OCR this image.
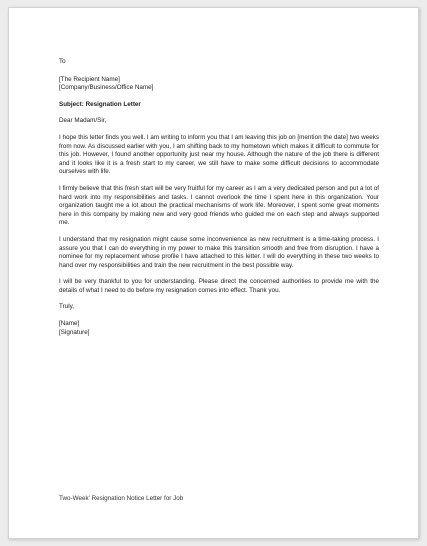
To

[The Recipient Name]

[Company/Business/Office Name]

Subject: Resignation Letter

Dear Madam/Sir,

I hope this letter finds you well. I am writing to inform you that I am leaving this job on [mention the date] two weeks from now. As discussed earlier with you, I am shifting back to my hometown which makes it difficult to commute for this job. However, I found another opportunity just near my house. Although the nature of the job there is different and it looks like it is a fresh start to my career, we still have to make some difficult decisions to accommodate ourselves with life.

I firmly believe that this fresh start will be very fruitful for my career as I am a very dedicated person and put a lot of hard work into my responsibilities and tasks. I cannot overlook the time I spent here in this organization. Your organization taught me a lot about the practical mechanisms of work life. Moreover, I spent some great moments here in this company by making new and very good friends who guided me on each step and always supported me.

I understand that my resignation might cause some inconvenience as new recruitment is a time-taking process. I assure you that I can do everything in my power to make this transition smooth and free from disruption. I have a nominee for my replacement whose profile I have attached to this letter. I will do everything in these two weeks to hand over my responsibilities and train the new recruitment in the best possible way.

I will be very thankful to you for understanding. Please direct the concerned authorities to provide me with the details of what I need to do before my resignation comes into effect. Thank you.

Truly,

[Name]

[Signature]

Two-Week' Resignation Notice Letter for Job
